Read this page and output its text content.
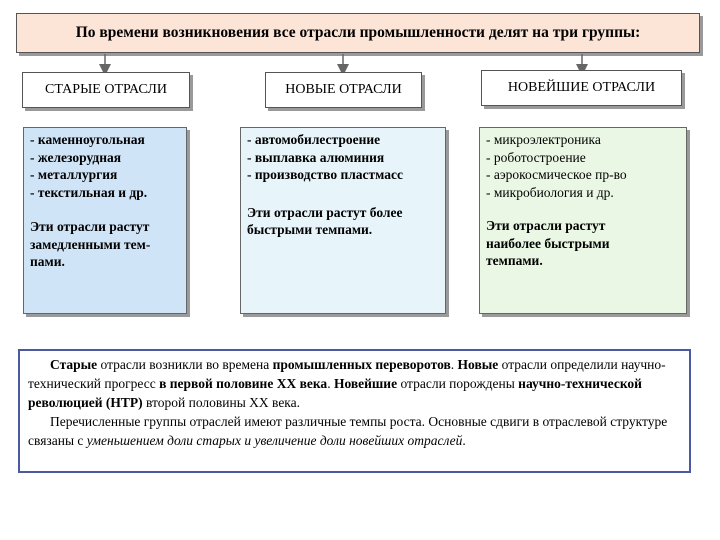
По времени возникновения все отрасли промышленности делят на три группы:
СТАРЫЕ ОТРАСЛИ	НОВЫЕ ОТРАСЛИ	НОВЕЙШИЕ ОТРАСЛИ

- каменноугольная

- железорудная

- металлургия

- текстильная и др.

Эти отрасли растут

замедленными тем-

пами.

- автомобилестроение

- выплавка алюминия

- производство пластмасс

Эти отрасли растут более

быстрыми темпами.

- микроэлектроника

- роботостроение

- аэрокосмическое пр-во

- микробиология и др.

Эти отрасли растут

наиболее быстрыми

темпами.

Старые отрасли возникли во времена промышленных переворотов. Новые отрасли определили научно-технический прогресс в первой половине XX века. Новейшие отрасли порождены научно-технической революцией (НТР) второй половины XX века.

Перечисленные группы отраслей имеют различные темпы роста. Основные сдвиги в отраслевой структуре связаны с уменьшением доли старых и увеличение доли новейших отраслей.
